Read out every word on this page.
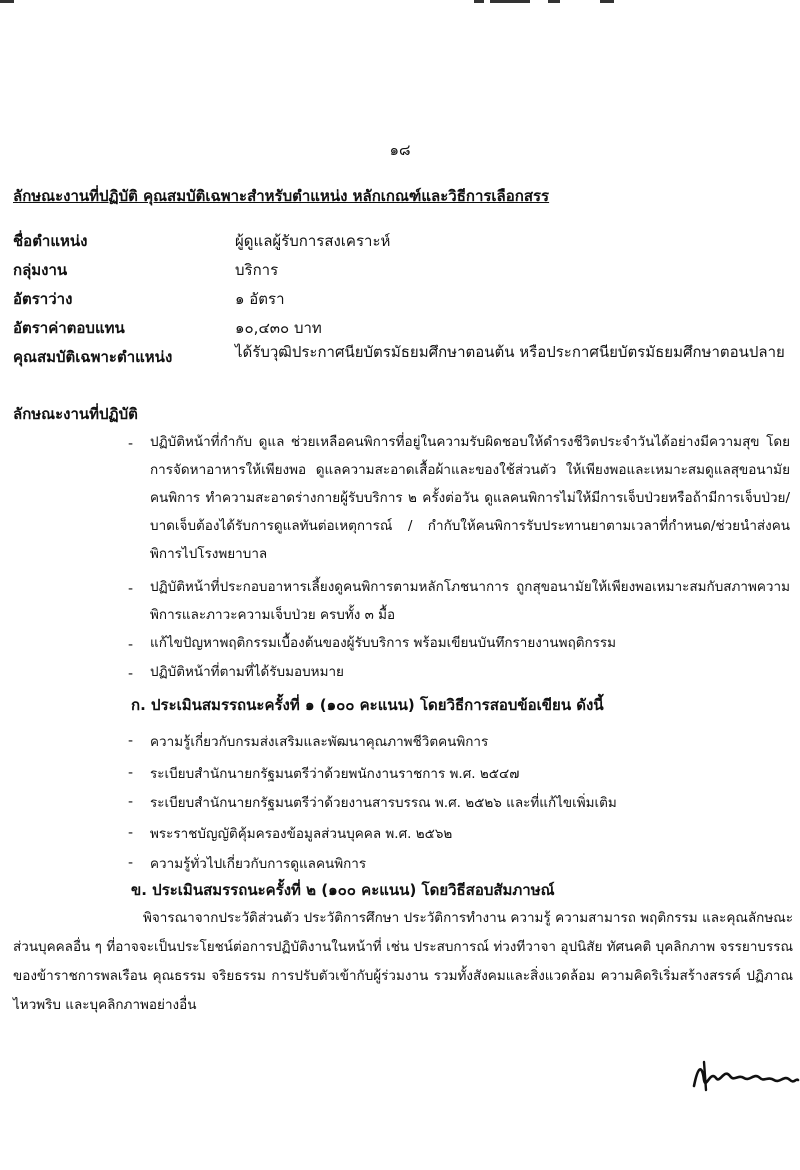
๑๘
ลักษณะงานที่ปฏิบัติ คุณสมบัติเฉพาะสำหรับตำแหน่ง หลักเกณฑ์และวิธีการเลือกสรร
ชื่อตำแหน่ง	ผู้ดูแลผู้รับการสงเคราะห์
กลุ่มงาน	บริการ
อัตราว่าง	๑ อัตรา
อัตราค่าตอบแทน	๑๐,๔๓๐ บาท
คุณสมบัติเฉพาะตำแหน่ง	ได้รับวุฒิประกาศนียบัตรมัธยมศึกษาตอนต้น หรือประกาศนียบัตรมัธยมศึกษาตอนปลาย
ลักษณะงานที่ปฏิบัติ
- ปฏิบัติหน้าที่กำกับ ดูแล ช่วยเหลือคนพิการที่อยู่ในความรับผิดชอบให้ดำรงชีวิตประจำวันได้อย่างมีความสุข โดยการจัดหาอาหารให้เพียงพอ ดูแลความสะอาดเสื้อผ้าและของใช้ส่วนตัว ให้เพียงพอและเหมาะสมดูแลสุขอนามัยคนพิการ ทำความสะอาดร่างกายผู้รับบริการ ๒ ครั้งต่อวัน ดูแลคนพิการไม่ให้มีการเจ็บป่วยหรือถ้ามีการเจ็บป่วย/บาดเจ็บต้องได้รับการดูแลทันต่อเหตุการณ์ / กำกับให้คนพิการรับประทานยาตามเวลาที่กำหนด/ช่วยนำส่งคนพิการไปโรงพยาบาล
- ปฏิบัติหน้าที่ประกอบอาหารเลี้ยงดูคนพิการตามหลักโภชนาการ ถูกสุขอนามัยให้เพียงพอเหมาะสมกับสภาพความพิการและภาวะความเจ็บป่วย ครบทั้ง ๓ มื้อ
- แก้ไขปัญหาพฤติกรรมเบื้องต้นของผู้รับบริการ พร้อมเขียนบันทึกรายงานพฤติกรรม
- ปฏิบัติหน้าที่ตามที่ได้รับมอบหมาย
ก. ประเมินสมรรถนะครั้งที่ ๑ (๑๐๐ คะแนน) โดยวิธีการสอบข้อเขียน ดังนี้
- ความรู้เกี่ยวกับกรมส่งเสริมและพัฒนาคุณภาพชีวิตคนพิการ
- ระเบียบสำนักนายกรัฐมนตรีว่าด้วยพนักงานราชการ พ.ศ. ๒๕๔๗
- ระเบียบสำนักนายกรัฐมนตรีว่าด้วยงานสารบรรณ พ.ศ. ๒๕๒๖ และที่แก้ไขเพิ่มเติม
- พระราชบัญญัติคุ้มครองข้อมูลส่วนบุคคล พ.ศ. ๒๕๖๒
- ความรู้ทั่วไปเกี่ยวกับการดูแลคนพิการ
ข. ประเมินสมรรถนะครั้งที่ ๒ (๑๐๐ คะแนน) โดยวิธีสอบสัมภาษณ์
พิจารณาจากประวัติส่วนตัว ประวัติการศึกษา ประวัติการทำงาน ความรู้ ความสามารถ พฤติกรรม และคุณลักษณะส่วนบุคคลอื่น ๆ ที่อาจจะเป็นประโยชน์ต่อการปฏิบัติงานในหน้าที่ เช่น ประสบการณ์ ท่วงทีวาจา อุปนิสัย ทัศนคติ บุคลิกภาพ จรรยาบรรณของข้าราชการพลเรือน คุณธรรม จริยธรรม การปรับตัวเข้ากับผู้ร่วมงาน รวมทั้งสังคมและสิ่งแวดล้อม ความคิดริเริ่มสร้างสรรค์ ปฏิภาณไหวพริบ และบุคลิกภาพอย่างอื่น
